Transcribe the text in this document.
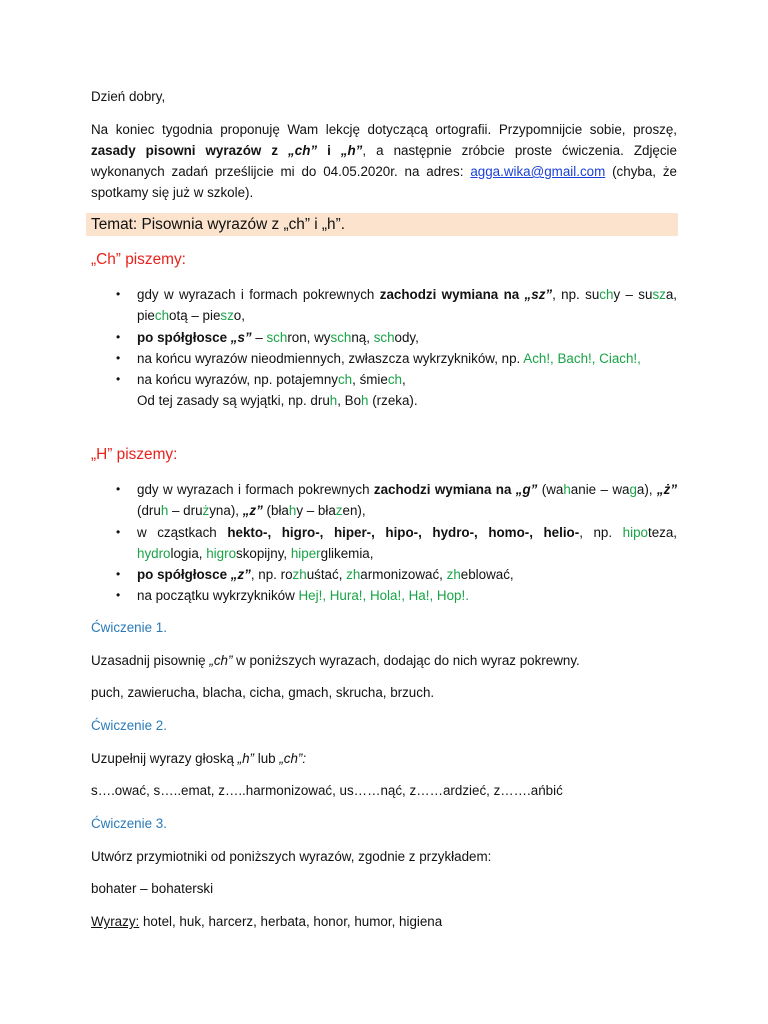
Dzień dobry,

Na koniec tygodnia proponuję Wam lekcję dotyczącą ortografii. Przypomnijcie sobie, proszę, zasady pisowni wyrazów z „ch” i „h”, a następnie zróbcie proste ćwiczenia. Zdjęcie wykonanych zadań prześlijcie mi do 04.05.2020r. na adres: agga.wika@gmail.com (chyba, że spotkamy się już w szkole).

Temat: Pisownia wyrazów z „ch” i „h”.
„Ch” piszemy:
• gdy w wyrazach i formach pokrewnych zachodzi wymiana na „sz”, np. suchy – susza, piechotą – pieszo,
• po spółgłosce „s” – schron, wyschną, schody,
• na końcu wyrazów nieodmiennych, zwłaszcza wykrzykników, np. Ach!, Bach!, Ciach!,
• na końcu wyrazów, np. potajemnych, śmiech,
Od tej zasady są wyjątki, np. druh, Boh (rzeka).
„H” piszemy:
• gdy w wyrazach i formach pokrewnych zachodzi wymiana na „g” (wahanie – waga), „ż” (druh – drużyna), „z” (błahy – błazen),
• w cząstkach hekto-, higro-, hiper-, hipo-, hydro-, homo-, helio-, np. hipoteza, hydrologia, higroskopijny, hiperglikemia,
• po spółgłosce „z”, np. rozhuśtać, zharmonizować, zheblować,
• na początku wykrzykników Hej!, Hura!, Hola!, Ha!, Hop!.

Ćwiczenie 1.

Uzasadnij pisownię „ch” w poniższych wyrazach, dodając do nich wyraz pokrewny.

puch, zawierucha, blacha, cicha, gmach, skrucha, brzuch.

Ćwiczenie 2.

Uzupełnij wyrazy głoską „h” lub „ch”:

s….ować, s…..emat, z…..harmonizować, us……nąć, z……ardzieć, z…….ańbić

Ćwiczenie 3.

Utwórz przymiotniki od poniższych wyrazów, zgodnie z przykładem:

bohater – bohaterski

Wyrazy: hotel, huk, harcerz, herbata, honor, humor, higiena
